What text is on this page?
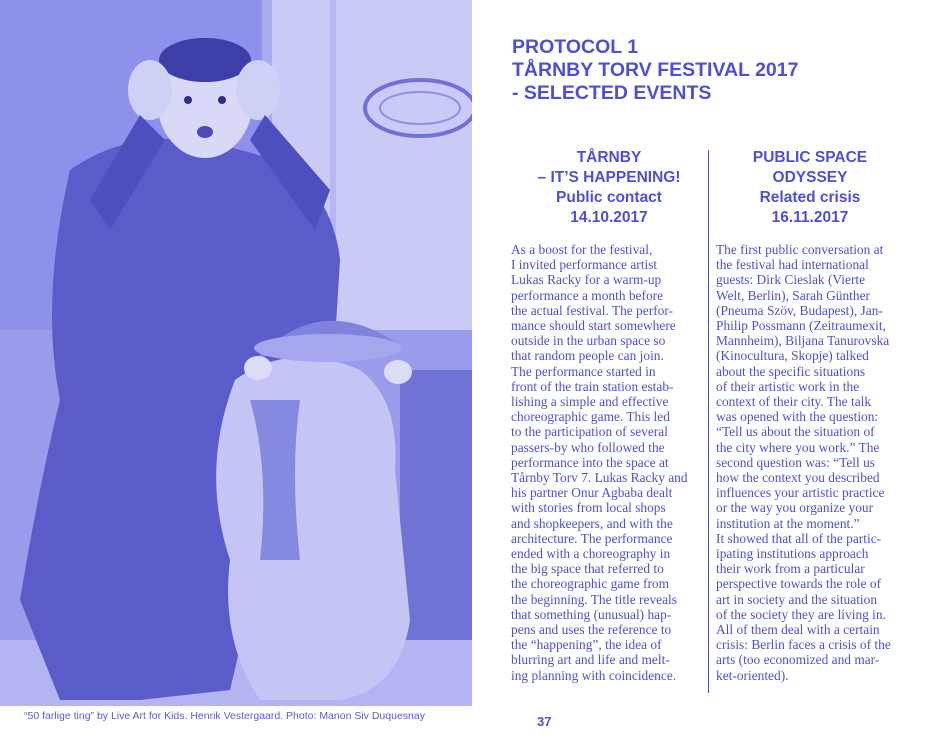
“50 farlige ting” by Live Art for Kids. Henrik Vestergaard. Photo: Manon Siv Duquesnay	37
PROTOCOL 1
TÅRNBY TORV FESTIVAL 2017
- SELECTED EVENTS
TÅRNBY
– IT’S HAPPENING!
Public contact
14.10.2017
PUBLIC SPACE
ODYSSEY
Related crisis
16.11.2017
As a boost for the festival,
I invited performance artist
Lukas Racky for a warm-up
performance a month before
the actual festival. The perfor-
mance should start somewhere
outside in the urban space so
that random people can join.
The performance started in
front of the train station estab-
lishing a simple and effective
choreographic game. This led
to the participation of several
passers-by who followed the
performance into the space at
Tårnby Torv 7. Lukas Racky and
his partner Onur Agbaba dealt
with stories from local shops
and shopkeepers, and with the
architecture. The performance
ended with a choreography in
the big space that referred to
the choreographic game from
the beginning. The title reveals
that something (unusual) hap-
pens and uses the reference to
the “happening”, the idea of
blurring art and life and melt-
ing planning with coincidence.
The first public conversation at
the festival had international
guests: Dirk Cieslak (Vierte
Welt, Berlin), Sarah Günther
(Pneuma Szöv, Budapest), Jan-
Philip Possmann (Zeitraumexit,
Mannheim), Biljana Tanurovska
(Kinocultura, Skopje) talked
about the specific situations
of their artistic work in the
context of their city. The talk
was opened with the question:
“Tell us about the situation of
the city where you work.” The
second question was: “Tell us
how the context you described
influences your artistic practice
or the way you organize your
institution at the moment.”
It showed that all of the partic-
ipating institutions approach
their work from a particular
perspective towards the role of
art in society and the situation
of the society they are living in.
All of them deal with a certain
crisis: Berlin faces a crisis of the
arts (too economized and mar-
ket-oriented).
